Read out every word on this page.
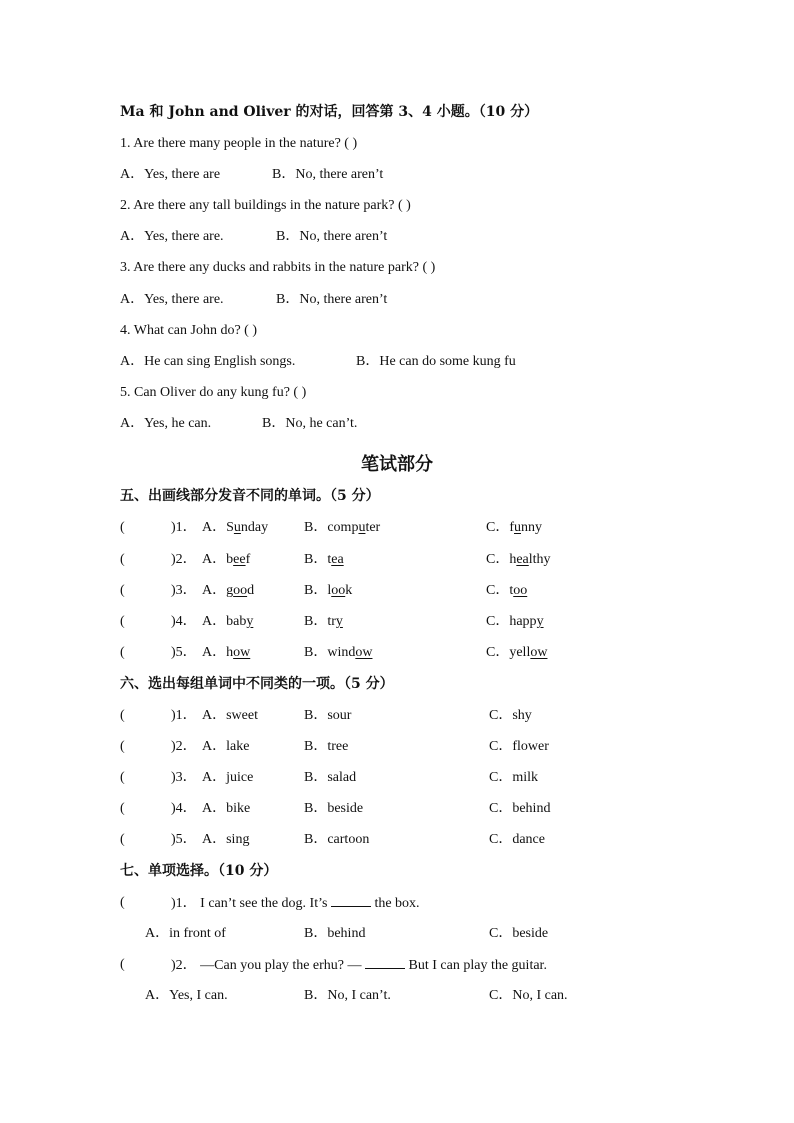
Ma 和 John and Oliver 的对话，回答第 3、4 小题。（10 分）
1. Are there many people in the nature? ( )
A．Yes, there are	B．No, there aren’t
2. Are there any tall buildings in the nature park? ( )
A．Yes, there are.	B．No, there aren’t
3. Are there any ducks and rabbits in the nature park? ( )
A．Yes, there are.	B．No, there aren’t
4. What can John do? ( )
A．He can sing English songs.	B．He can do some kung fu
5. Can Oliver do any kung fu? ( )
A．Yes, he can.	B．No, he can’t.
笔试部分
五、出画线部分发音不同的单词。（5 分）
(	)1． A．Sunday	B．computer	C．funny
(	)2． A．beef	B．tea	C．healthy
(	)3． A．good	B．look	C．too
(	)4． A．baby	B．try	C．happy
(	)5． A．how	B．window	C．yellow
六、选出每组单词中不同类的一项。（5 分）
(	)1． A．sweet	B．sour	C．shy
(	)2． A．lake	B．tree	C．flower
(	)3． A．juice	B．salad	C．milk
(	)4． A．bike	B．beside	C．behind
(	)5． A．sing	B．cartoon	C．dance
七、单项选择。（10 分）
(	)1． I can’t see the dog. It’s	the box.
A．in front of	B．behind	C．beside
(	)2． —Can you play the erhu? —	But I can play the guitar.
A．Yes, I can.	B．No, I can’t.	C．No, I can.
